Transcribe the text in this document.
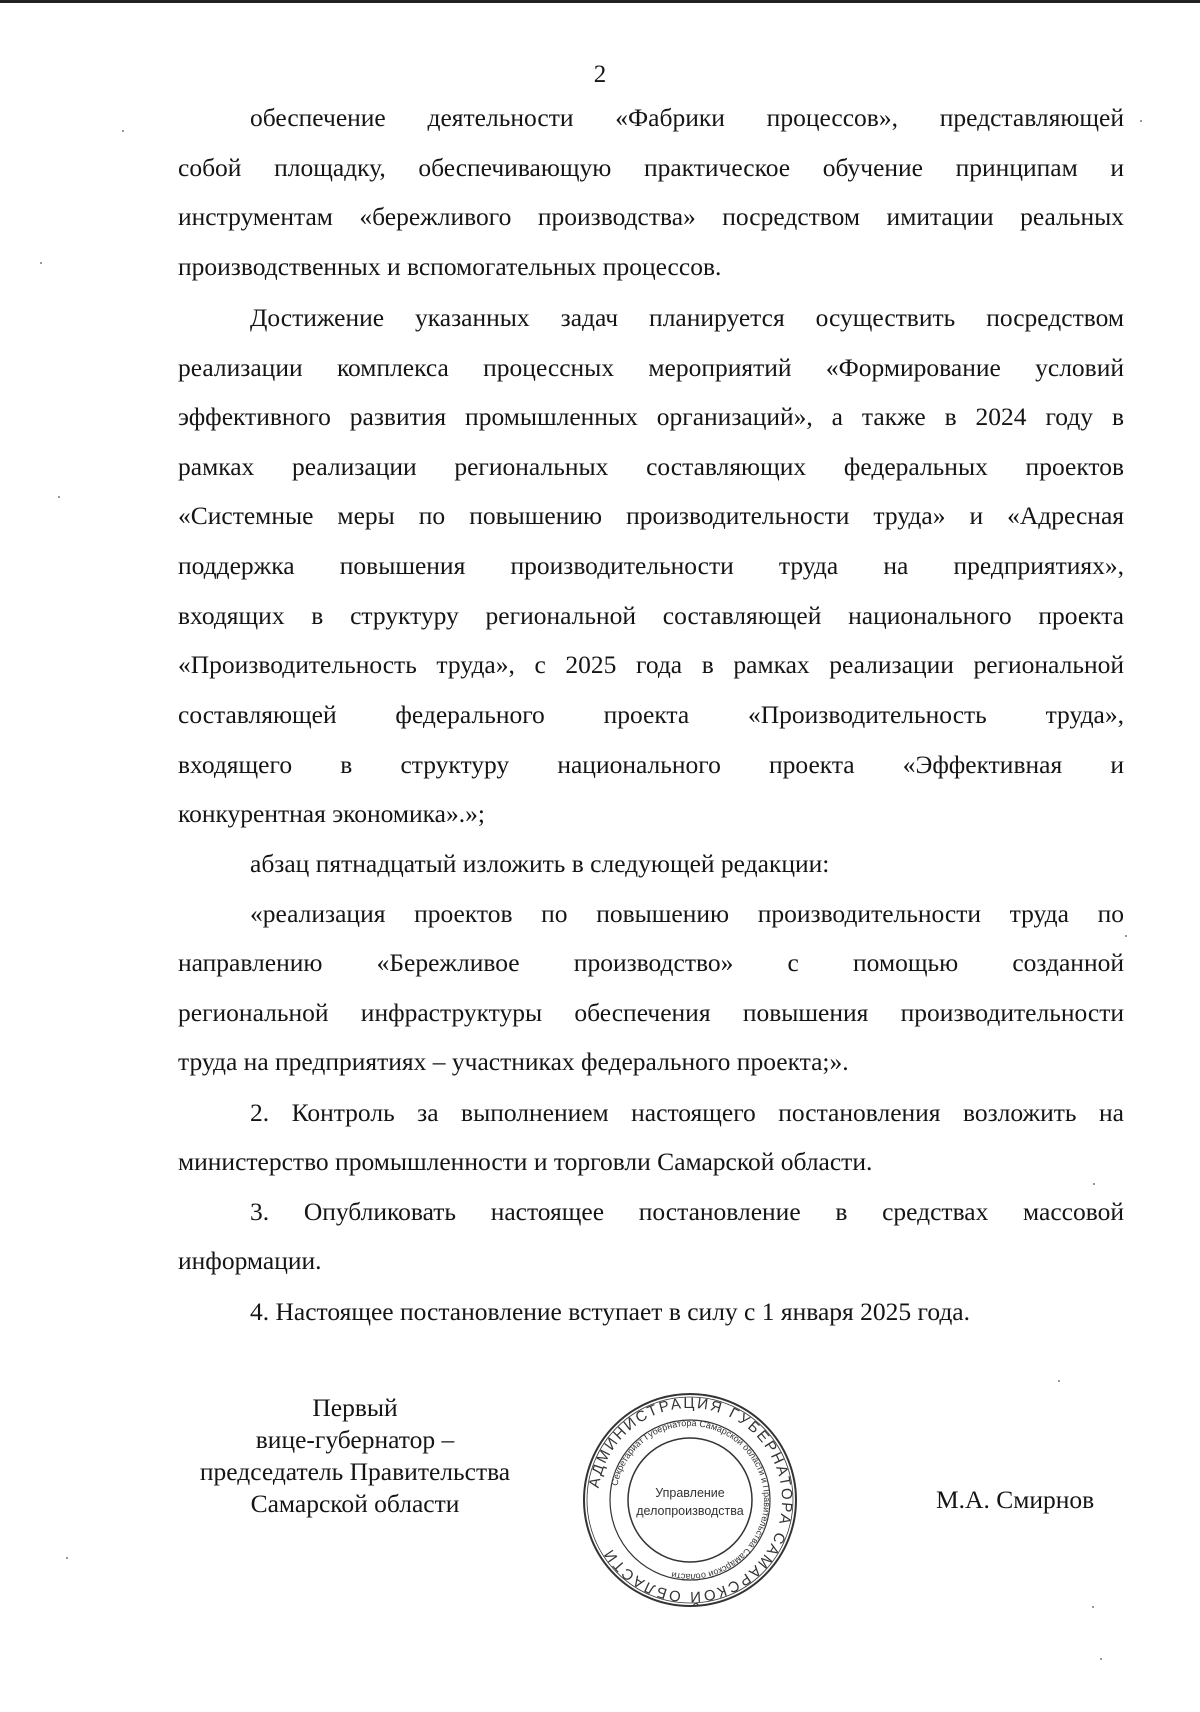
2
обеспечение деятельности «Фабрики процессов», представляющей
собой площадку, обеспечивающую практическое обучение принципам и
инструментам «бережливого производства» посредством имитации реальных
производственных и вспомогательных процессов.
Достижение указанных задач планируется осуществить посредством
реализации комплекса процессных мероприятий «Формирование условий
эффективного развития промышленных организаций», а также в 2024 году в
рамках реализации региональных составляющих федеральных проектов
«Системные меры по повышению производительности труда» и «Адресная
поддержка повышения производительности труда на предприятиях»,
входящих в структуру региональной составляющей национального проекта
«Производительность труда», с 2025 года в рамках реализации региональной
составляющей федерального проекта «Производительность труда»,
входящего в структуру национального проекта «Эффективная и
конкурентная экономика».»;
абзац пятнадцатый изложить в следующей редакции:
«реализация проектов по повышению производительности труда по
направлению «Бережливое производство» с помощью созданной
региональной инфраструктуры обеспечения повышения производительности
труда на предприятиях – участниках федерального проекта;».
2. Контроль за выполнением настоящего постановления возложить на
министерство промышленности и торговли Самарской области.
3. Опубликовать настоящее постановление в средствах массовой
информации.
4. Настоящее постановление вступает в силу с 1 января 2025 года.
Первый
вице-губернатор –
председатель Правительства
Самарской области
АДМИНИСТРАЦИЯ ГУБЕРНАТОРА САМАРСКОЙ ОБЛАСТИ
Секретариат Губернатора Самарской области и Правительства Самарской области
Управление
делопроизводства	М.А. Смирнов
